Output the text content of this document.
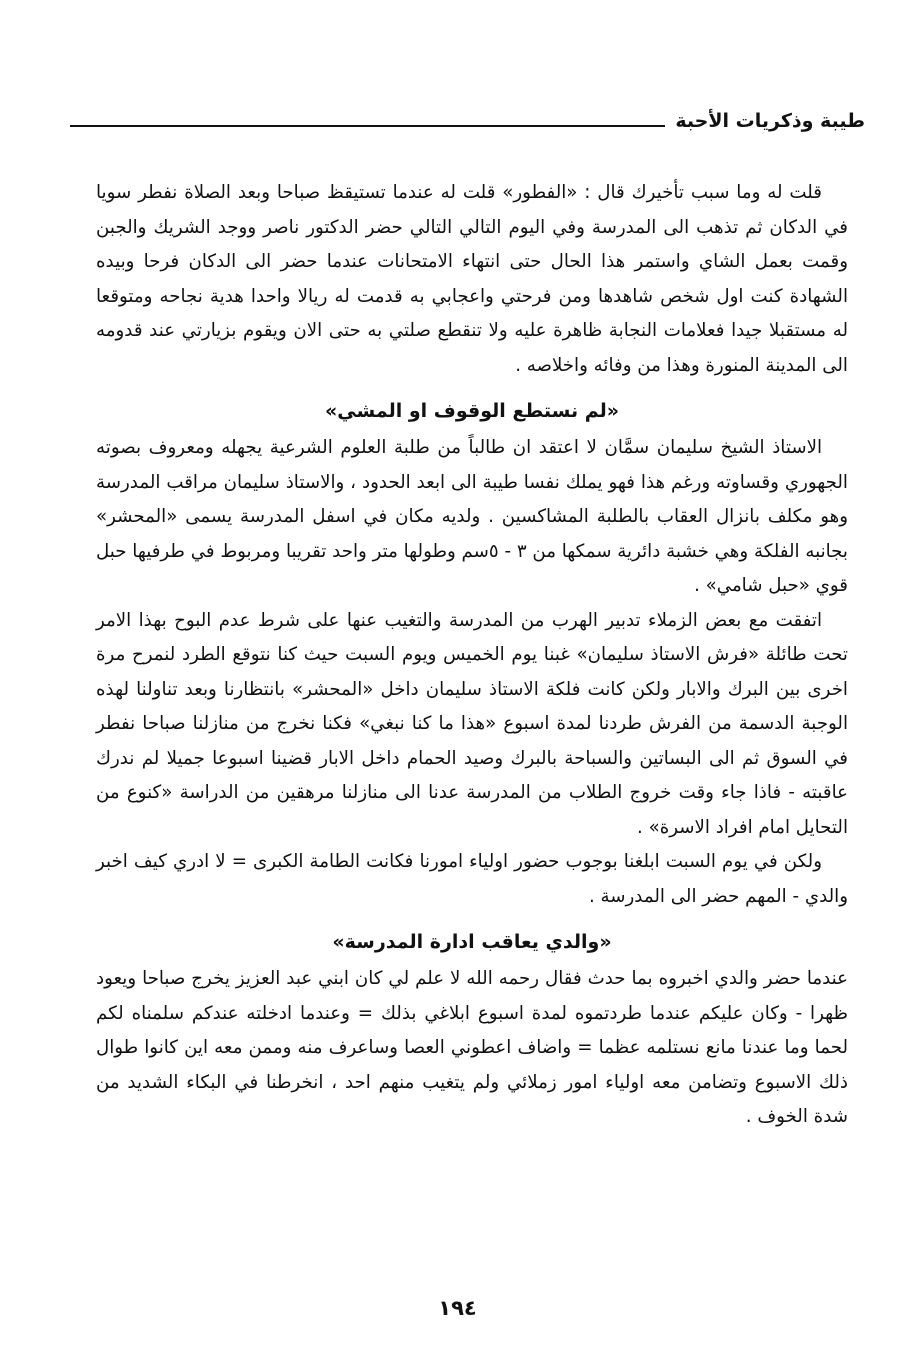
طيبة وذكريات الأحبة

قلت له وما سبب تأخيرك قال : «الفطور» قلت له عندما تستيقظ صباحا وبعد الصلاة نفطر سويا في الدكان ثم تذهب الى المدرسة وفي اليوم التالي التالي حضر الدكتور ناصر ووجد الشريك والجبن وقمت بعمل الشاي واستمر هذا الحال حتى انتهاء الامتحانات عندما حضر الى الدكان فرحا وبيده الشهادة كنت اول شخص شاهدها ومن فرحتي واعجابي به قدمت له ريالا واحدا هدية نجاحه ومتوقعا له مستقبلا جيدا فعلامات النجابة ظاهرة عليه ولا تنقطع صلتي به حتى الان ويقوم بزيارتي عند قدومه الى المدينة المنورة وهذا من وفائه واخلاصه .

«لم نستطع الوقوف او المشي»

الاستاذ الشيخ سليمان سمَّان لا اعتقد ان طالباً من طلبة العلوم الشرعية يجهله ومعروف بصوته الجهوري وقساوته ورغم هذا فهو يملك نفسا طيبة الى ابعد الحدود ، والاستاذ سليمان مراقب المدرسة وهو مكلف بانزال العقاب بالطلبة المشاكسين . ولديه مكان في اسفل المدرسة يسمى «المحشر» بجانبه الفلكة وهي خشبة دائرية سمكها من ٣ - ٥سم وطولها متر واحد تقريبا ومربوط في طرفيها حبل قوي «حبل شامي» .

اتفقت مع بعض الزملاء تدبير الهرب من المدرسة والتغيب عنها على شرط عدم البوح بهذا الامر تحت طائلة «فرش الاستاذ سليمان» غبنا يوم الخميس ويوم السبت حيث كنا نتوقع الطرد لنمرح مرة اخرى بين البرك والابار ولكن كانت فلكة الاستاذ سليمان داخل «المحشر» بانتظارنا وبعد تناولنا لهذه الوجبة الدسمة من الفرش طردنا لمدة اسبوع «هذا ما كنا نبغي» فكنا نخرج من منازلنا صباحا نفطر في السوق ثم الى البساتين والسباحة بالبرك وصيد الحمام داخل الابار قضينا اسبوعا جميلا لم ندرك عاقبته - فاذا جاء وقت خروج الطلاب من المدرسة عدنا الى منازلنا مرهقين من الدراسة «كنوع من التحايل امام افراد الاسرة» .

ولكن في يوم السبت ابلغنا بوجوب حضور اولياء امورنا فكانت الطامة الكبرى = لا ادري كيف اخبر والدي - المهم حضر الى المدرسة .

«والدي يعاقب ادارة المدرسة»

عندما حضر والدي اخبروه بما حدث فقال رحمه الله لا علم لي كان ابني عبد العزيز يخرج صباحا ويعود ظهرا - وكان عليكم عندما طردتموه لمدة اسبوع ابلاغي بذلك = وعندما ادخلته عندكم سلمناه لكم لحما وما عندنا مانع نستلمه عظما = واضاف اعطوني العصا وساعرف منه وممن معه اين كانوا طوال ذلك الاسبوع وتضامن معه اولياء امور زملائي ولم يتغيب منهم احد ، انخرطنا في البكاء الشديد من شدة الخوف .

١٩٤
